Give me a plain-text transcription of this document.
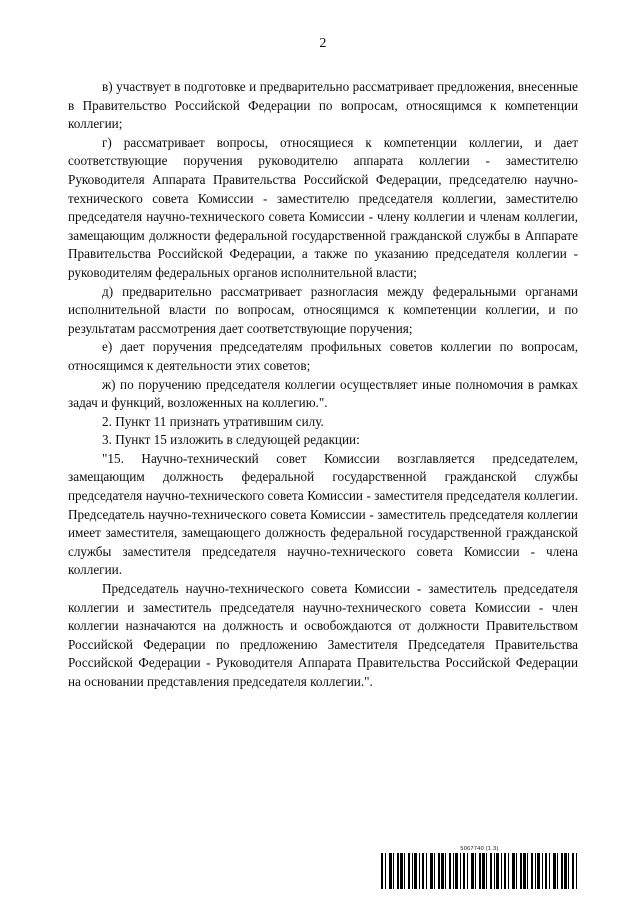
2

в) участвует в подготовке и предварительно рассматривает предложения, внесенные в Правительство Российской Федерации по вопросам, относящимся к компетенции коллегии;

г) рассматривает вопросы, относящиеся к компетенции коллегии, и дает соответствующие поручения руководителю аппарата коллегии - заместителю Руководителя Аппарата Правительства Российской Федерации, председателю научно-технического совета Комиссии - заместителю председателя коллегии, заместителю председателя научно-технического совета Комиссии - члену коллегии и членам коллегии, замещающим должности федеральной государственной гражданской службы в Аппарате Правительства Российской Федерации, а также по указанию председателя коллегии - руководителям федеральных органов исполнительной власти;

д) предварительно рассматривает разногласия между федеральными органами исполнительной власти по вопросам, относящимся к компетенции коллегии, и по результатам рассмотрения дает соответствующие поручения;

е) дает поручения председателям профильных советов коллегии по вопросам, относящимся к деятельности этих советов;

ж) по поручению председателя коллегии осуществляет иные полномочия в рамках задач и функций, возложенных на коллегию.".

2. Пункт 11 признать утратившим силу.

3. Пункт 15 изложить в следующей редакции:

"15. Научно-технический совет Комиссии возглавляется председателем, замещающим должность федеральной государственной гражданской службы председателя научно-технического совета Комиссии - заместителя председателя коллегии. Председатель научно-технического совета Комиссии - заместитель председателя коллегии имеет заместителя, замещающего должность федеральной государственной гражданской службы заместителя председателя научно-технического совета Комиссии - члена коллегии.

Председатель научно-технического совета Комиссии - заместитель председателя коллегии и заместитель председателя научно-технического совета Комиссии - член коллегии назначаются на должность и освобождаются от должности Правительством Российской Федерации по предложению Заместителя Председателя Правительства Российской Федерации - Руководителя Аппарата Правительства Российской Федерации на основании представления председателя коллегии.".

5067740 (1.3)
